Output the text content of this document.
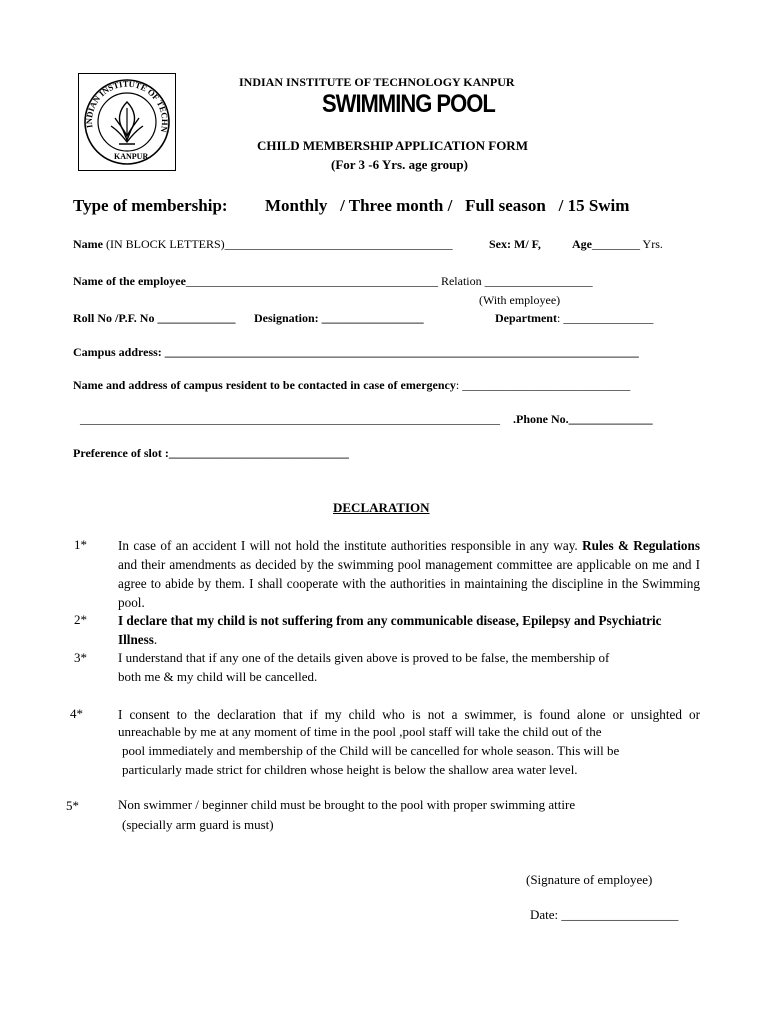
INDIAN INSTITUTE OF TECHN
KANPUR
INDIAN INSTITUTE OF TECHNOLOGY KANPUR
SWIMMING POOL
CHILD MEMBERSHIP APPLICATION FORM
(For 3 -6 Yrs. age group)
Type of membership: Monthly   / Three month /   Full season   / 15 Swim
Name (IN BLOCK LETTERS)______________________________________	Sex: M/ F,	Age________ Yrs.
Name of the employee__________________________________________ Relation __________________
(With employee)
Roll No /P.F. No _____________ Designation: _________________	Department: _______________
Campus address: _______________________________________________________________________________
Name and address of campus resident to be contacted in case of emergency: ____________________________
______________________________________________________________________ .Phone No.______________
Preference of slot :______________________________
DECLARATION
1* In case of an accident I will not hold the institute authorities responsible in any way. Rules & Regulations and their amendments as decided by the swimming pool management committee are applicable on me and I agree to abide by them. I shall cooperate with the authorities in maintaining the discipline in the Swimming pool.
2* I declare that my child is not suffering from any communicable disease, Epilepsy and Psychiatric Illness.
3* I understand that if any one of the details given above is proved to be false, the membership of
both me & my child will be cancelled.
4*	I consent to the declaration that if my child who is not a swimmer, is found alone or unsighted or
unreachable by me at any moment of time in the pool ,pool staff will take the child out of the
pool immediately and membership of the Child will be cancelled for whole season. This will be
particularly made strict for children whose height is below the shallow area water level.
5*	Non swimmer / beginner child must be brought to the pool with proper swimming attire
(specially arm guard is must)
(Signature of employee)
Date: __________________
